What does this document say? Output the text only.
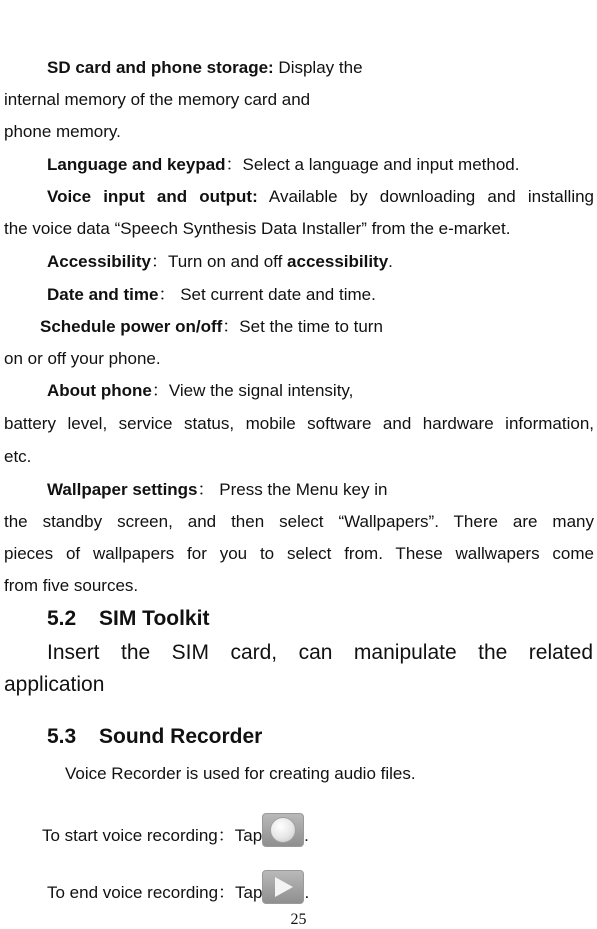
SD card and phone storage: Display the
internal memory of the memory card and
phone memory.
Language and keypad：Select a language and input method.
Voice input and output: Available by downloading and installing
the voice data “Speech Synthesis Data Installer” from the e-market.
Accessibility：Turn on and off accessibility.
Date and time： Set current date and time.
Schedule power on/off：Set the time to turn
on or off your phone.
About phone：View the signal intensity,
battery level, service status, mobile software and hardware information,
etc.
Wallpaper settings： Press the Menu key in
the standby screen, and then select “Wallpapers”. There are many
pieces of wallpapers for you to select from. These wallwapers come
from five sources.
5.2 SIM Toolkit
Insert the SIM card, can manipulate the related
application
5.3 Sound Recorder
Voice Recorder is used for creating audio files.
To start voice recording：Tap .
To end voice recording：Tap .
25
